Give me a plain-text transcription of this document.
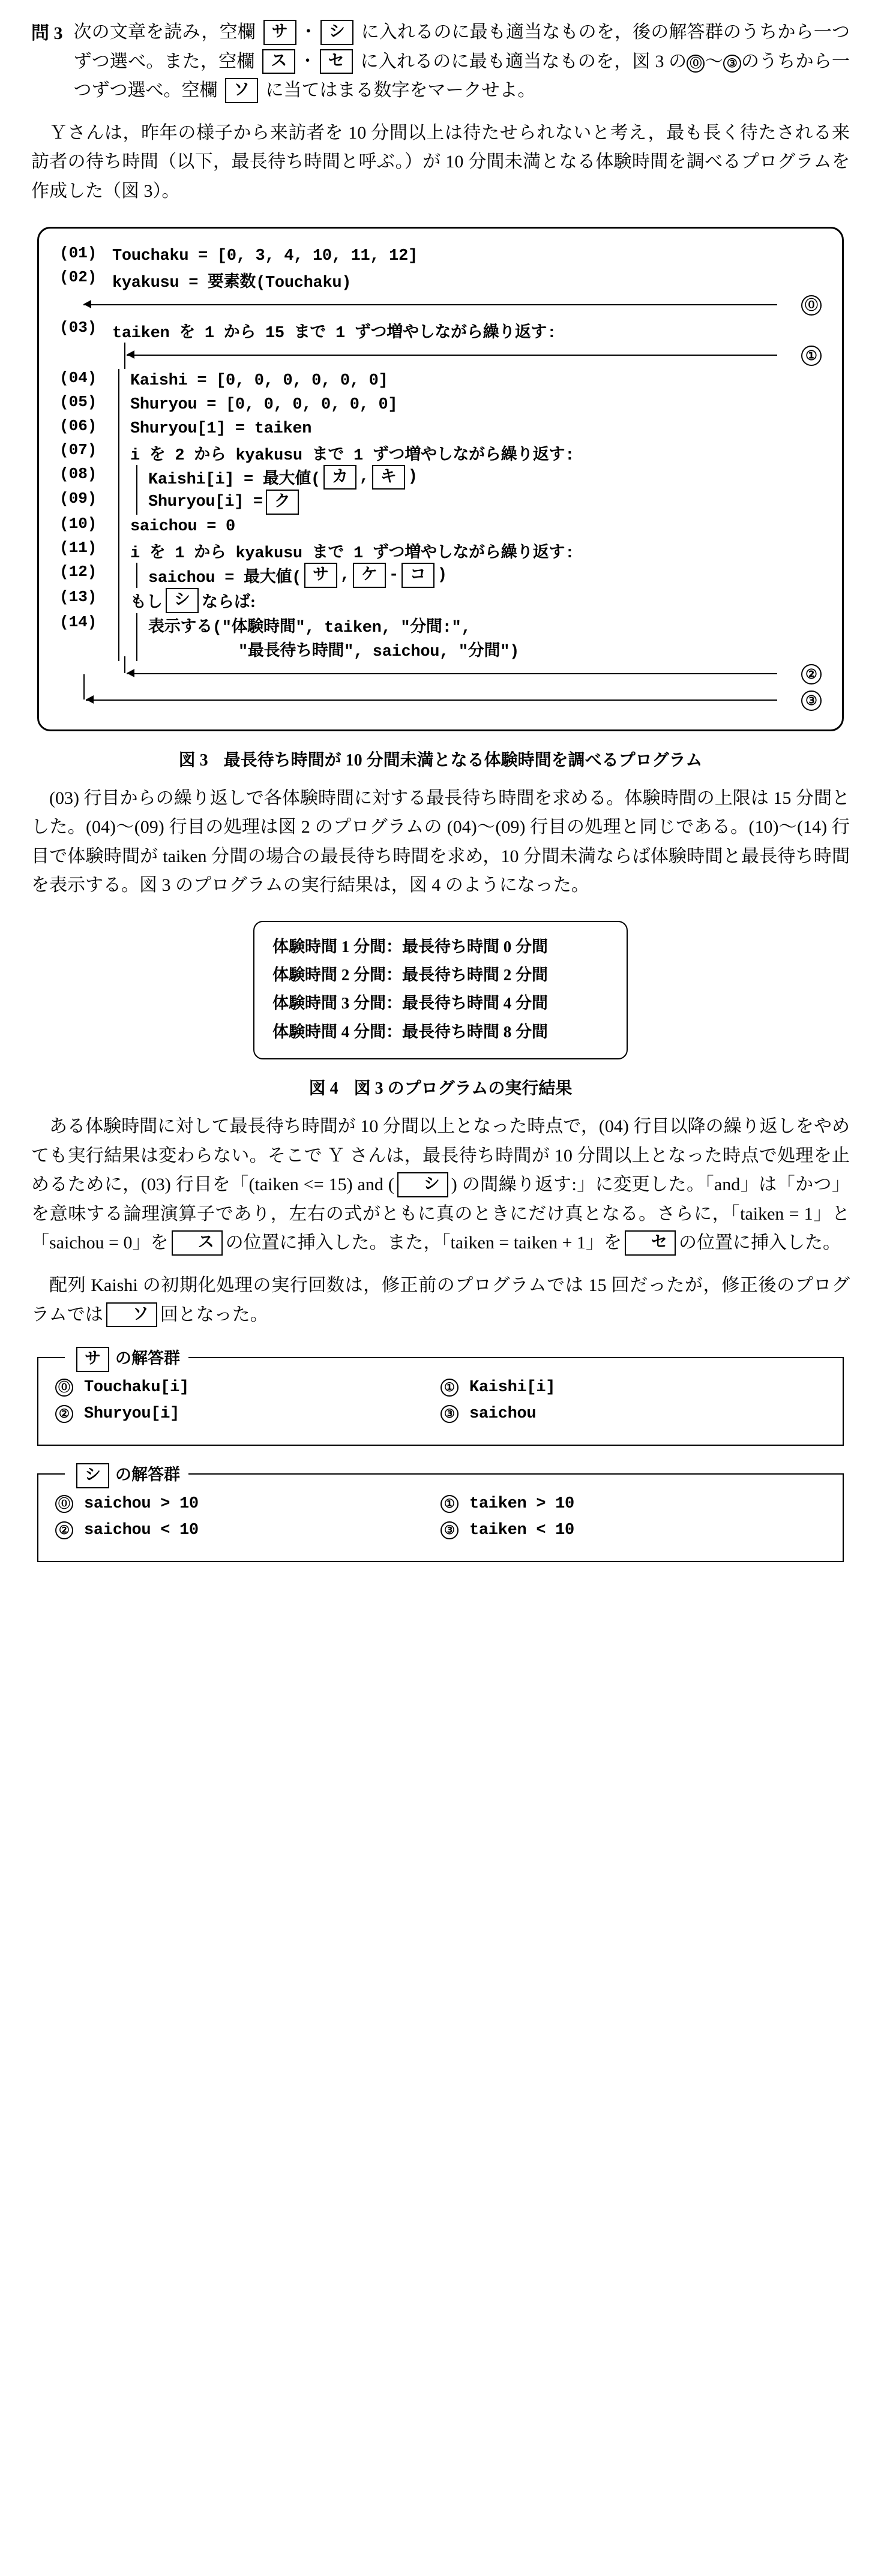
問 3 次の文章を読み，空欄 サ ・ シ に入れるのに最も適当なものを，後の解答群のうちから一つずつ選べ。また，空欄 ス ・ セ に入れるのに最も適当なものを，図 3 の ⓪ 〜 ③ のうちから一つずつ選べ。空欄 ソ に当てはまる数字をマークせよ。

Ｙさんは，昨年の様子から来訪者を 10 分間以上は待たせられないと考え，最も長く待たされる来訪者の待ち時間（以下，最長待ち時間と呼ぶ。）が 10 分間未満となる体験時間を調べるプログラムを作成した（図 3）。

(01)	Touchaku = [0, 3, 4, 10, 11, 12]

(02)	kyakusu = 要素数(Touchaku)

⓪	

(03)	taiken を 1 から 15 まで 1 ずつ増やしながら繰り返す:

①	

(04)	Kaishi = [0, 0, 0, 0, 0, 0]

(05)	Shuryou = [0, 0, 0, 0, 0, 0]

(06)	Shuryou[1] = taiken

(07)	i を 2 から kyakusu まで 1 ずつ増やしながら繰り返す:

(08)	Kaishi[i] = 最大値( カ , キ )

(09)	Shuryou[i] = ク

(10)	saichou = 0

(11)	i を 1 から kyakusu まで 1 ずつ増やしながら繰り返す:

(12)	saichou = 最大値( サ , ケ - コ )

(13)	もし シ ならば:

(14)	表示する("体験時間", taiken, "分間:",

	"最長待ち時間", saichou, "分間")

②	

③	
図 3 最長待ち時間が 10 分間未満となる体験時間を調べるプログラム

(03) 行目からの繰り返しで各体験時間に対する最長待ち時間を求める。体験時間の上限は 15 分間とした。(04)〜(09) 行目の処理は図 2 のプログラムの (04)〜(09) 行目の処理と同じである。(10)〜(14) 行目で体験時間が taiken 分間の場合の最長待ち時間を求め，10 分間未満ならば体験時間と最長待ち時間を表示する。図 3 のプログラムの実行結果は，図 4 のようになった。

体験時間 1 分間：最長待ち時間 0 分間
体験時間 2 分間：最長待ち時間 2 分間
体験時間 3 分間：最長待ち時間 4 分間
体験時間 4 分間：最長待ち時間 8 分間
図 4 図 3 のプログラムの実行結果

ある体験時間に対して最長待ち時間が 10 分間以上となった時点で，(04) 行目以降の繰り返しをやめても実行結果は変わらない。そこで Ｙ さんは，最長待ち時間が 10 分間以上となった時点で処理を止めるために，(03) 行目を「(taiken <= 15) and ( シ ) の間繰り返す:」に変更した。「and」は「かつ」を意味する論理演算子であり，左右の式がともに真のときにだけ真となる。さらに，「taiken = 1」と「saichou = 0」を ス の位置に挿入した。また，「taiken = taiken + 1」を セ の位置に挿入した。

配列 Kaishi の初期化処理の実行回数は，修正前のプログラムでは 15 回だったが，修正後のプログラムでは ソ 回となった。

サ の解答群
⓪ Touchaku[i]	① Kaishi[i]
② Shuryou[i]	③ saichou
シ の解答群
⓪ saichou > 10	① taiken > 10
② saichou < 10	③ taiken < 10
